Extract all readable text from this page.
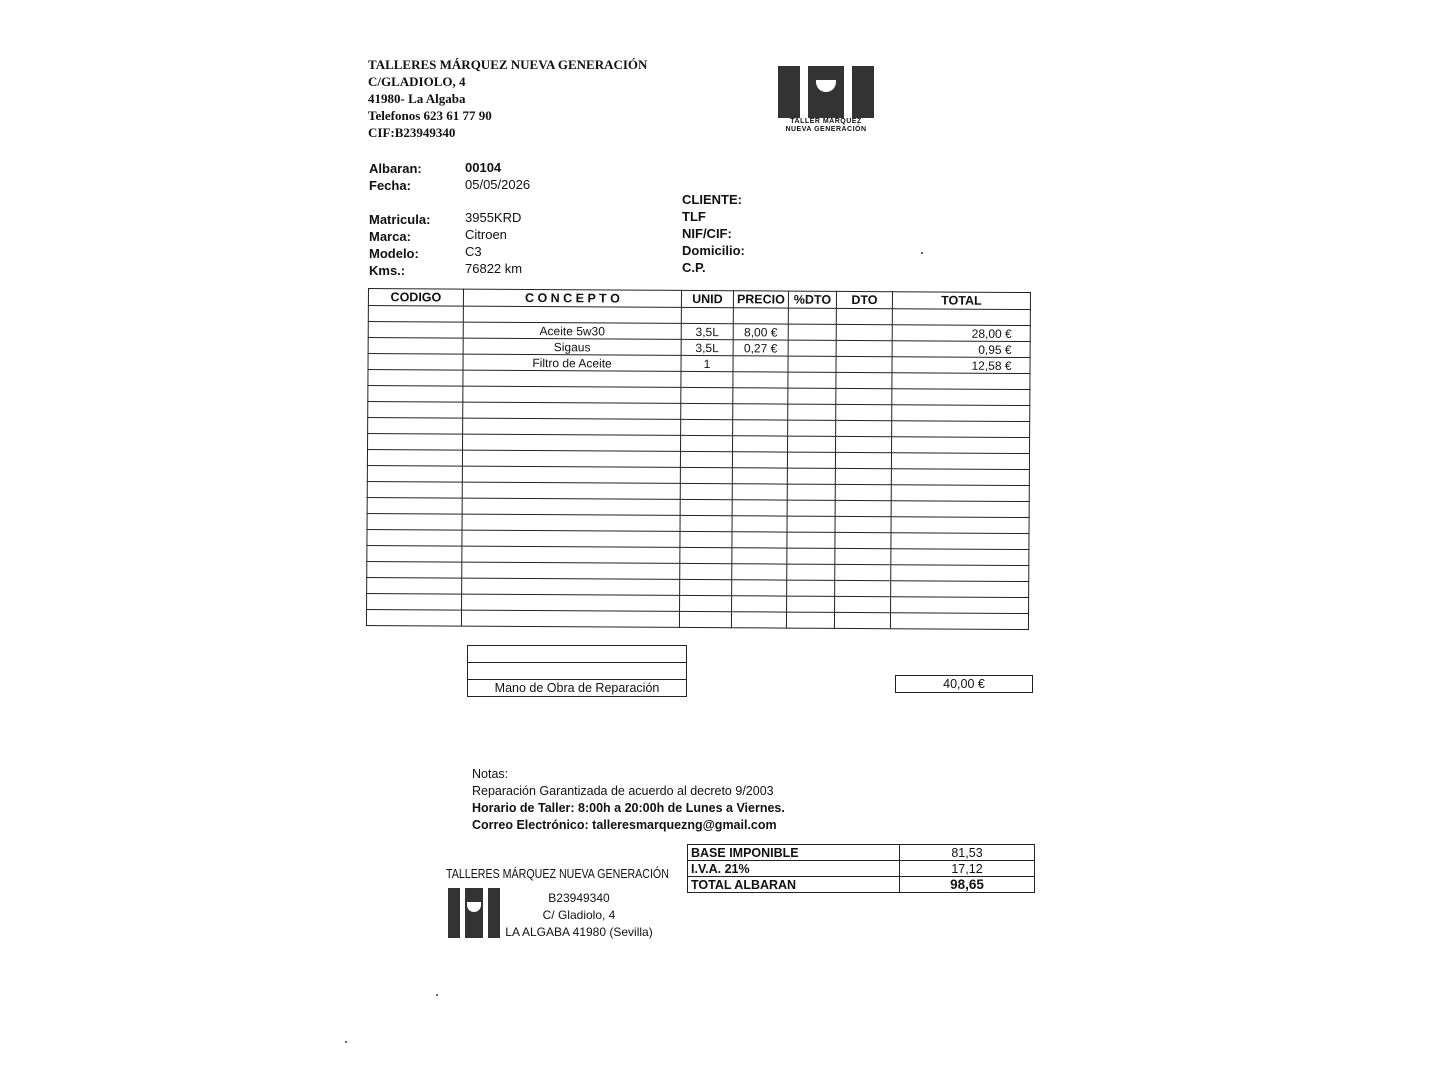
TALLERES MÁRQUEZ NUEVA GENERACIÓN
C/GLADIOLO, 4
41980- La Algaba
Telefonos 623 61 77 90
CIF:B23949340
TALLER MÁRQUEZ
NUEVA GENERACIÓN
Albaran:	00104
Fecha:	05/05/2026
Matricula:	3955KRD
Marca:	Citroen
Modelo:	C3
Kms.:	76822 km
CLIENTE:
TLF
NIF/CIF:
Domicilio:
C.P.
CODIGO	C O N C E P T O	UNID	PRECIO	%DTO	DTO	TOTAL

	Aceite 5w30	3,5L	8,00 €			28,00 €
	Sigaus	3,5L	0,27 €			0,95 €
	Filtro de Aceite	1				12,58 €

Mano de Obra de Reparación	40,00 €
Notas:
Reparación Garantizada de acuerdo al decreto 9/2003
Horario de Taller: 8:00h a 20:00h de Lunes a Viernes.
Correo Electrónico: talleresmarquezng@gmail.com
TALLERES MÁRQUEZ NUEVA GENERACIÓN
B23949340
C/ Gladiolo, 4
LA ALGABA 41980 (Sevilla)
BASE IMPONIBLE	81,53
I.V.A. 21%	17,12
TOTAL ALBARAN	98,65
